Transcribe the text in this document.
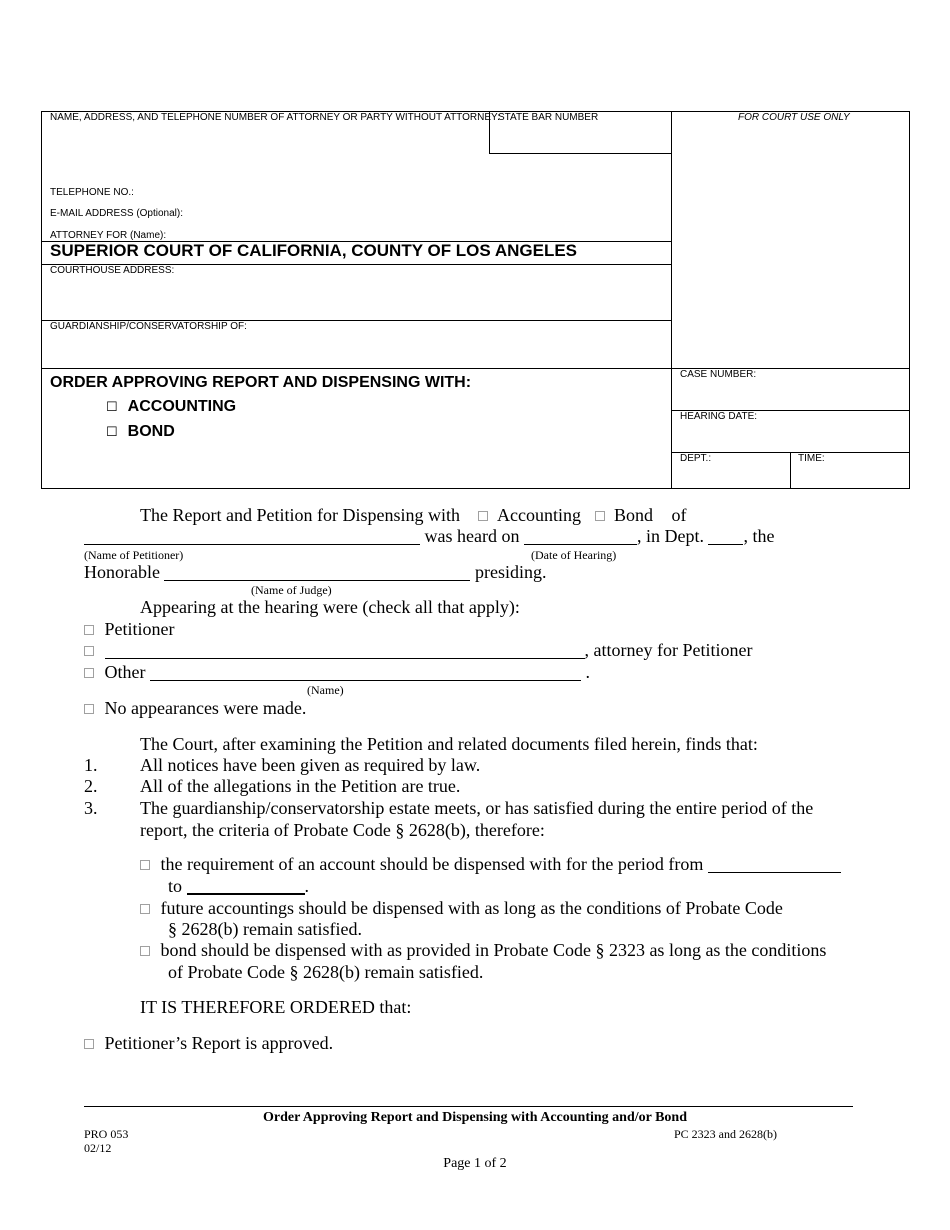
NAME, ADDRESS, AND TELEPHONE NUMBER OF ATTORNEY OR PARTY WITHOUT ATTORNEY:
STATE BAR NUMBER	FOR COURT USE ONLY
TELEPHONE NO.:
E-MAIL ADDRESS (Optional):
ATTORNEY FOR (Name):
SUPERIOR COURT OF CALIFORNIA, COUNTY OF LOS ANGELES
COURTHOUSE ADDRESS:
GUARDIANSHIP/CONSERVATORSHIP OF:
ORDER APPROVING REPORT AND DISPENSING WITH:
☐ ACCOUNTING
☐ BOND
CASE NUMBER:
HEARING DATE:
DEPT.:	TIME:
The Report and Petition for Dispensing with Accounting Bond of
was heard on	, in Dept. , the
(Name of Petitioner)	(Date of Hearing)
Honorable	presiding.
(Name of Judge)
Appearing at the hearing were (check all that apply):
Petitioner
, attorney for Petitioner
Other	.
(Name)
No appearances were made.
The Court, after examining the Petition and related documents filed herein, finds that:
1. All notices have been given as required by law.
2. All of the allegations in the Petition are true.
3. The guardianship/conservatorship estate meets, or has satisfied during the entire period of the
report, the criteria of Probate Code § 2628(b), therefore:
the requirement of an account should be dispensed with for the period from
to	.
future accountings should be dispensed with as long as the conditions of Probate Code
§ 2628(b) remain satisfied.
bond should be dispensed with as provided in Probate Code § 2323 as long as the conditions
of Probate Code § 2628(b) remain satisfied.
IT IS THEREFORE ORDERED that:
Petitioner’s Report is approved.
Order Approving Report and Dispensing with Accounting and/or Bond
PRO 053
02/12
PC 2323 and 2628(b)
Page 1 of 2
